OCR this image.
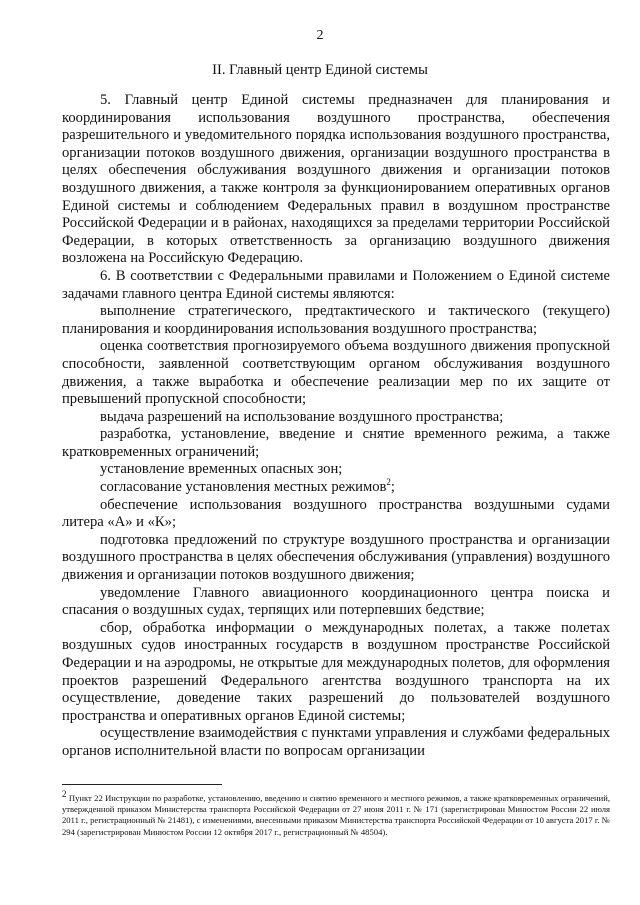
2
II. Главный центр Единой системы

5. Главный центр Единой системы предназначен для планирования и координирования использования воздушного пространства, обеспечения разрешительного и уведомительного порядка использования воздушного пространства, организации потоков воздушного движения, организации воздушного пространства в целях обеспечения обслуживания воздушного движения и организации потоков воздушного движения, а также контроля за функционированием оперативных органов Единой системы и соблюдением Федеральных правил в воздушном пространстве Российской Федерации и в районах, находящихся за пределами территории Российской Федерации, в которых ответственность за организацию воздушного движения возложена на Российскую Федерацию.

6. В соответствии с Федеральными правилами и Положением о Единой системе задачами главного центра Единой системы являются:

выполнение стратегического, предтактического и тактического (текущего) планирования и координирования использования воздушного пространства;

оценка соответствия прогнозируемого объема воздушного движения пропускной способности, заявленной соответствующим органом обслуживания воздушного движения, а также выработка и обеспечение реализации мер по их защите от превышений пропускной способности;

выдача разрешений на использование воздушного пространства;

разработка, установление, введение и снятие временного режима, а также кратковременных ограничений;

установление временных опасных зон;

согласование установления местных режимов$^2$;

обеспечение использования воздушного пространства воздушными судами литера «А» и «К»;

подготовка предложений по структуре воздушного пространства и организации воздушного пространства в целях обеспечения обслуживания (управления) воздушного движения и организации потоков воздушного движения;

уведомление Главного авиационного координационного центра поиска и спасания о воздушных судах, терпящих или потерпевших бедствие;

сбор, обработка информации о международных полетах, а также полетах воздушных судов иностранных государств в воздушном пространстве Российской Федерации и на аэродромы, не открытые для международных полетов, для оформления проектов разрешений Федерального агентства воздушного транспорта на их осуществление, доведение таких разрешений до пользователей воздушного пространства и оперативных органов Единой системы;

осуществление взаимодействия с пунктами управления и службами федеральных органов исполнительной власти по вопросам организации

$^2$ Пункт 22 Инструкции по разработке, установлению, введению и снятию временного и местного режимов, а также кратковременных ограничений, утвержденной приказом Министерства транспорта Российской Федерации от 27 июня 2011 г. № 171 (зарегистрирован Минюстом России 22 июля 2011 г., регистрационный № 21481), с изменениями, внесенными приказом Министерства транспорта Российской Федерации от 10 августа 2017 г. № 294 (зарегистрирован Минюстом России 12 октября 2017 г., регистрационный № 48504).
